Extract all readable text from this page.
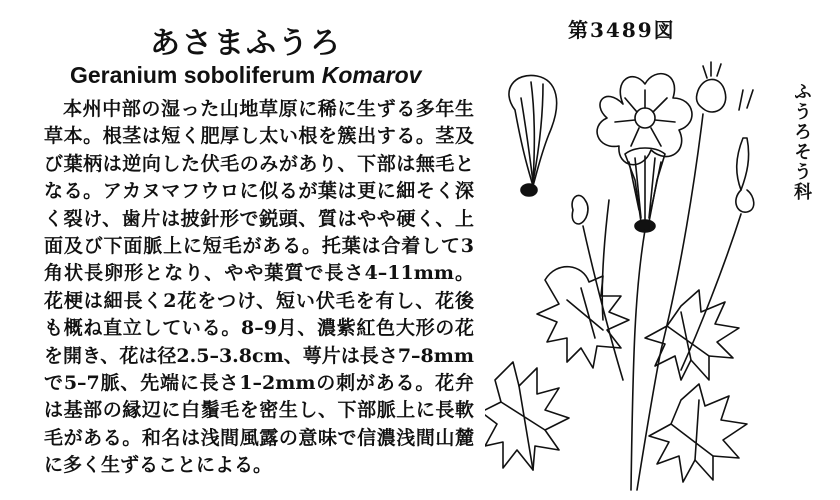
あさまふうろ
Geranium soboliferum Komarov

本州中部の湿った山地草原に稀に生ずる多年生草本。根茎は短く肥厚し太い根を簇出する。茎及び葉柄は逆向した伏毛のみがあり、下部は無毛となる。アカヌマフウロに似るが葉は更に細そく深く裂け、歯片は披針形で鋭頭、質はやや硬く、上面及び下面脈上に短毛がある。托葉は合着して3角状長卵形となり、やや葉質で長さ4–11mm。花梗は細長く2花をつけ、短い伏毛を有し、花後も概ね直立している。8–9月、濃紫紅色大形の花を開き、花は径2.5–3.8cm、萼片は長さ7–8mmで5–7脈、先端に長さ1–2mmの刺がある。花弁は基部の縁辺に白鬚毛を密生し、下部脈上に長軟毛がある。和名は浅間風露の意味で信濃浅間山麓に多く生ずることによる。

第3489図
ふうろそう科
